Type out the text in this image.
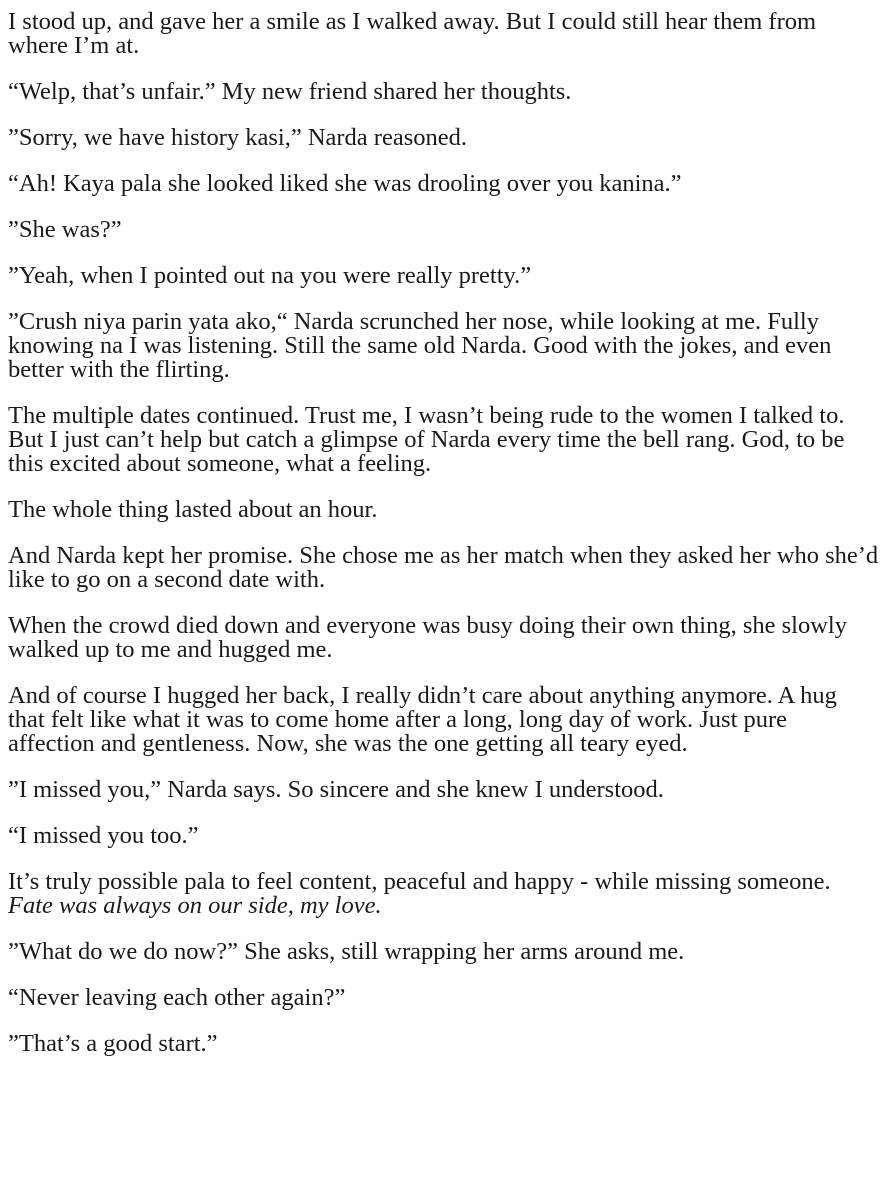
I stood up, and gave her a smile as I walked away. But I could still hear them from where I’m at.

“Welp, that’s unfair.” My new friend shared her thoughts.

”Sorry, we have history kasi,” Narda reasoned.

“Ah! Kaya pala she looked liked she was drooling over you kanina.”

”She was?”

”Yeah, when I pointed out na you were really pretty.”

”Crush niya parin yata ako,“ Narda scrunched her nose, while looking at me. Fully knowing na I was listening. Still the same old Narda. Good with the jokes, and even better with the flirting.

The multiple dates continued. Trust me, I wasn’t being rude to the women I talked to. But I just can’t help but catch a glimpse of Narda every time the bell rang. God, to be this excited about someone, what a feeling.

The whole thing lasted about an hour.

And Narda kept her promise. She chose me as her match when they asked her who she’d like to go on a second date with.

When the crowd died down and everyone was busy doing their own thing, she slowly walked up to me and hugged me.

And of course I hugged her back, I really didn’t care about anything anymore. A hug that felt like what it was to come home after a long, long day of work. Just pure affection and gentleness. Now, she was the one getting all teary eyed.

”I missed you,” Narda says. So sincere and she knew I understood.

“I missed you too.”

It’s truly possible pala to feel content, peaceful and happy - while missing someone. Fate was always on our side, my love.

”What do we do now?” She asks, still wrapping her arms around me.

“Never leaving each other again?”

”That’s a good start.”
